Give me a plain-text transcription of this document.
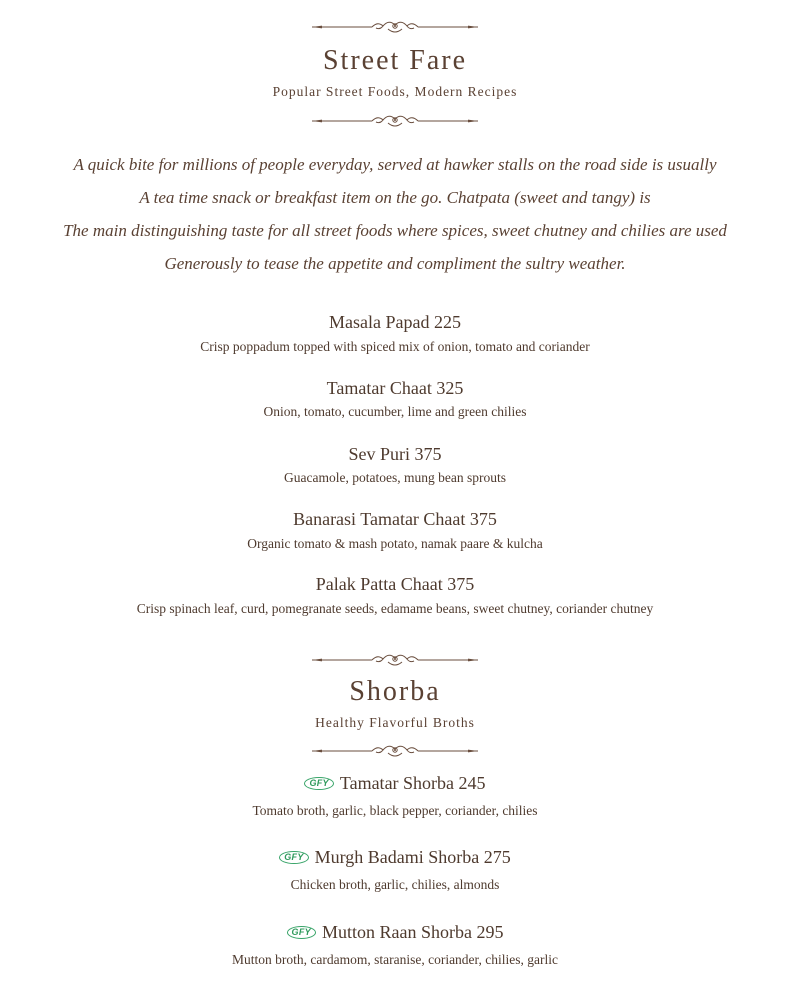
Street Fare
Popular Street Foods, Modern Recipes
A quick bite for millions of people everyday, served at hawker stalls on the road side is usually
A tea time snack or breakfast item on the go. Chatpata (sweet and tangy) is
The main distinguishing taste for all street foods where spices, sweet chutney and chilies are used
Generously to tease the appetite and compliment the sultry weather.
Masala Papad 225
Crisp poppadum topped with spiced mix of onion, tomato and coriander
Tamatar Chaat 325
Onion, tomato, cucumber, lime and green chilies
Sev Puri 375
Guacamole, potatoes, mung bean sprouts
Banarasi Tamatar Chaat 375
Organic tomato & mash potato, namak paare & kulcha
Palak Patta Chaat 375
Crisp spinach leaf, curd, pomegranate seeds, edamame beans, sweet chutney, coriander chutney
Shorba
Healthy Flavorful Broths
GFY Tamatar Shorba 245
Tomato broth, garlic, black pepper, coriander, chilies
GFY Murgh Badami Shorba 275
Chicken broth, garlic, chilies, almonds
GFY Mutton Raan Shorba 295
Mutton broth, cardamom, staranise, coriander, chilies, garlic
